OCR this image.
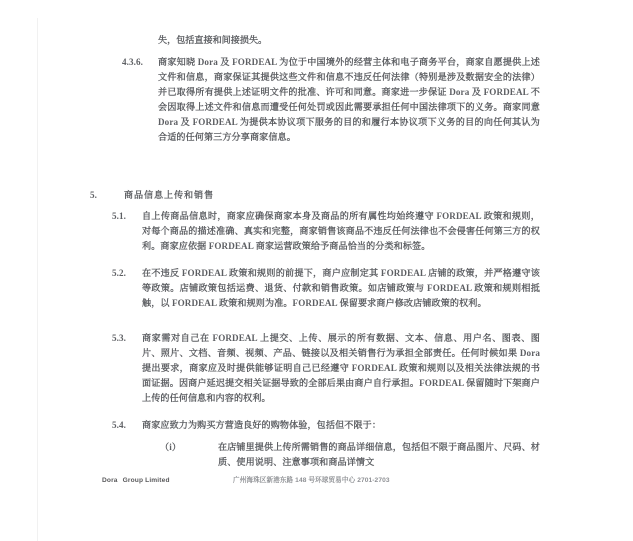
失，包括直接和间接损失。
4.3.6.	商家知晓 Dora 及 FORDEAL 为位于中国境外的经营主体和电子商务平台，商家自愿提供上述文件和信息，商家保证其提供这些文件和信息不违反任何法律（特别是涉及数据安全的法律）并已取得所有提供上述证明文件的批准、许可和同意。商家进一步保证 Dora 及 FORDEAL 不会因取得上述文件和信息而遭受任何处罚或因此需要承担任何中国法律项下的义务。商家同意 Dora 及 FORDEAL 为提供本协议项下服务的目的和履行本协议项下义务的目的向任何其认为合适的任何第三方分享商家信息。
5.	商品信息上传和销售
5.1.	自上传商品信息时，商家应确保商家本身及商品的所有属性均始终遵守 FORDEAL 政策和规则，对每个商品的描述准确、真实和完整，商家销售该商品不违反任何法律也不会侵害任何第三方的权利。商家应依据 FORDEAL 商家运营政策给予商品恰当的分类和标签。
5.2.	在不违反 FORDEAL 政策和规则的前提下，商户应制定其 FORDEAL 店铺的政策，并严格遵守该等政策。店铺政策包括运费、退货、付款和销售政策。如店铺政策与 FORDEAL 政策和规则相抵触，以 FORDEAL 政策和规则为准。FORDEAL 保留要求商户修改店铺政策的权利。
5.3.	商家需对自己在 FORDEAL 上提交、上传、展示的所有数据、文本、信息、用户名、图表、图片、照片、文档、音频、视频、产品、链接以及相关销售行为承担全部责任。任何时候如果 Dora 提出要求，商家应及时提供能够证明自己已经遵守 FORDEAL 政策和规则以及相关法律法规的书面证据。因商户延迟提交相关证据导致的全部后果由商户自行承担。FORDEAL 保留随时下架商户上传的任何信息和内容的权利。
5.4.	商家应致力为购买方营造良好的购物体验，包括但不限于：
（i）	在店铺里提供上传所需销售的商品详细信息，包括但不限于商品图片、尺码、材质、使用说明、注意事项和商品详情文
Dora Group Limited	广州海珠区新港东路 148 号环球贸易中心 2701-2703
